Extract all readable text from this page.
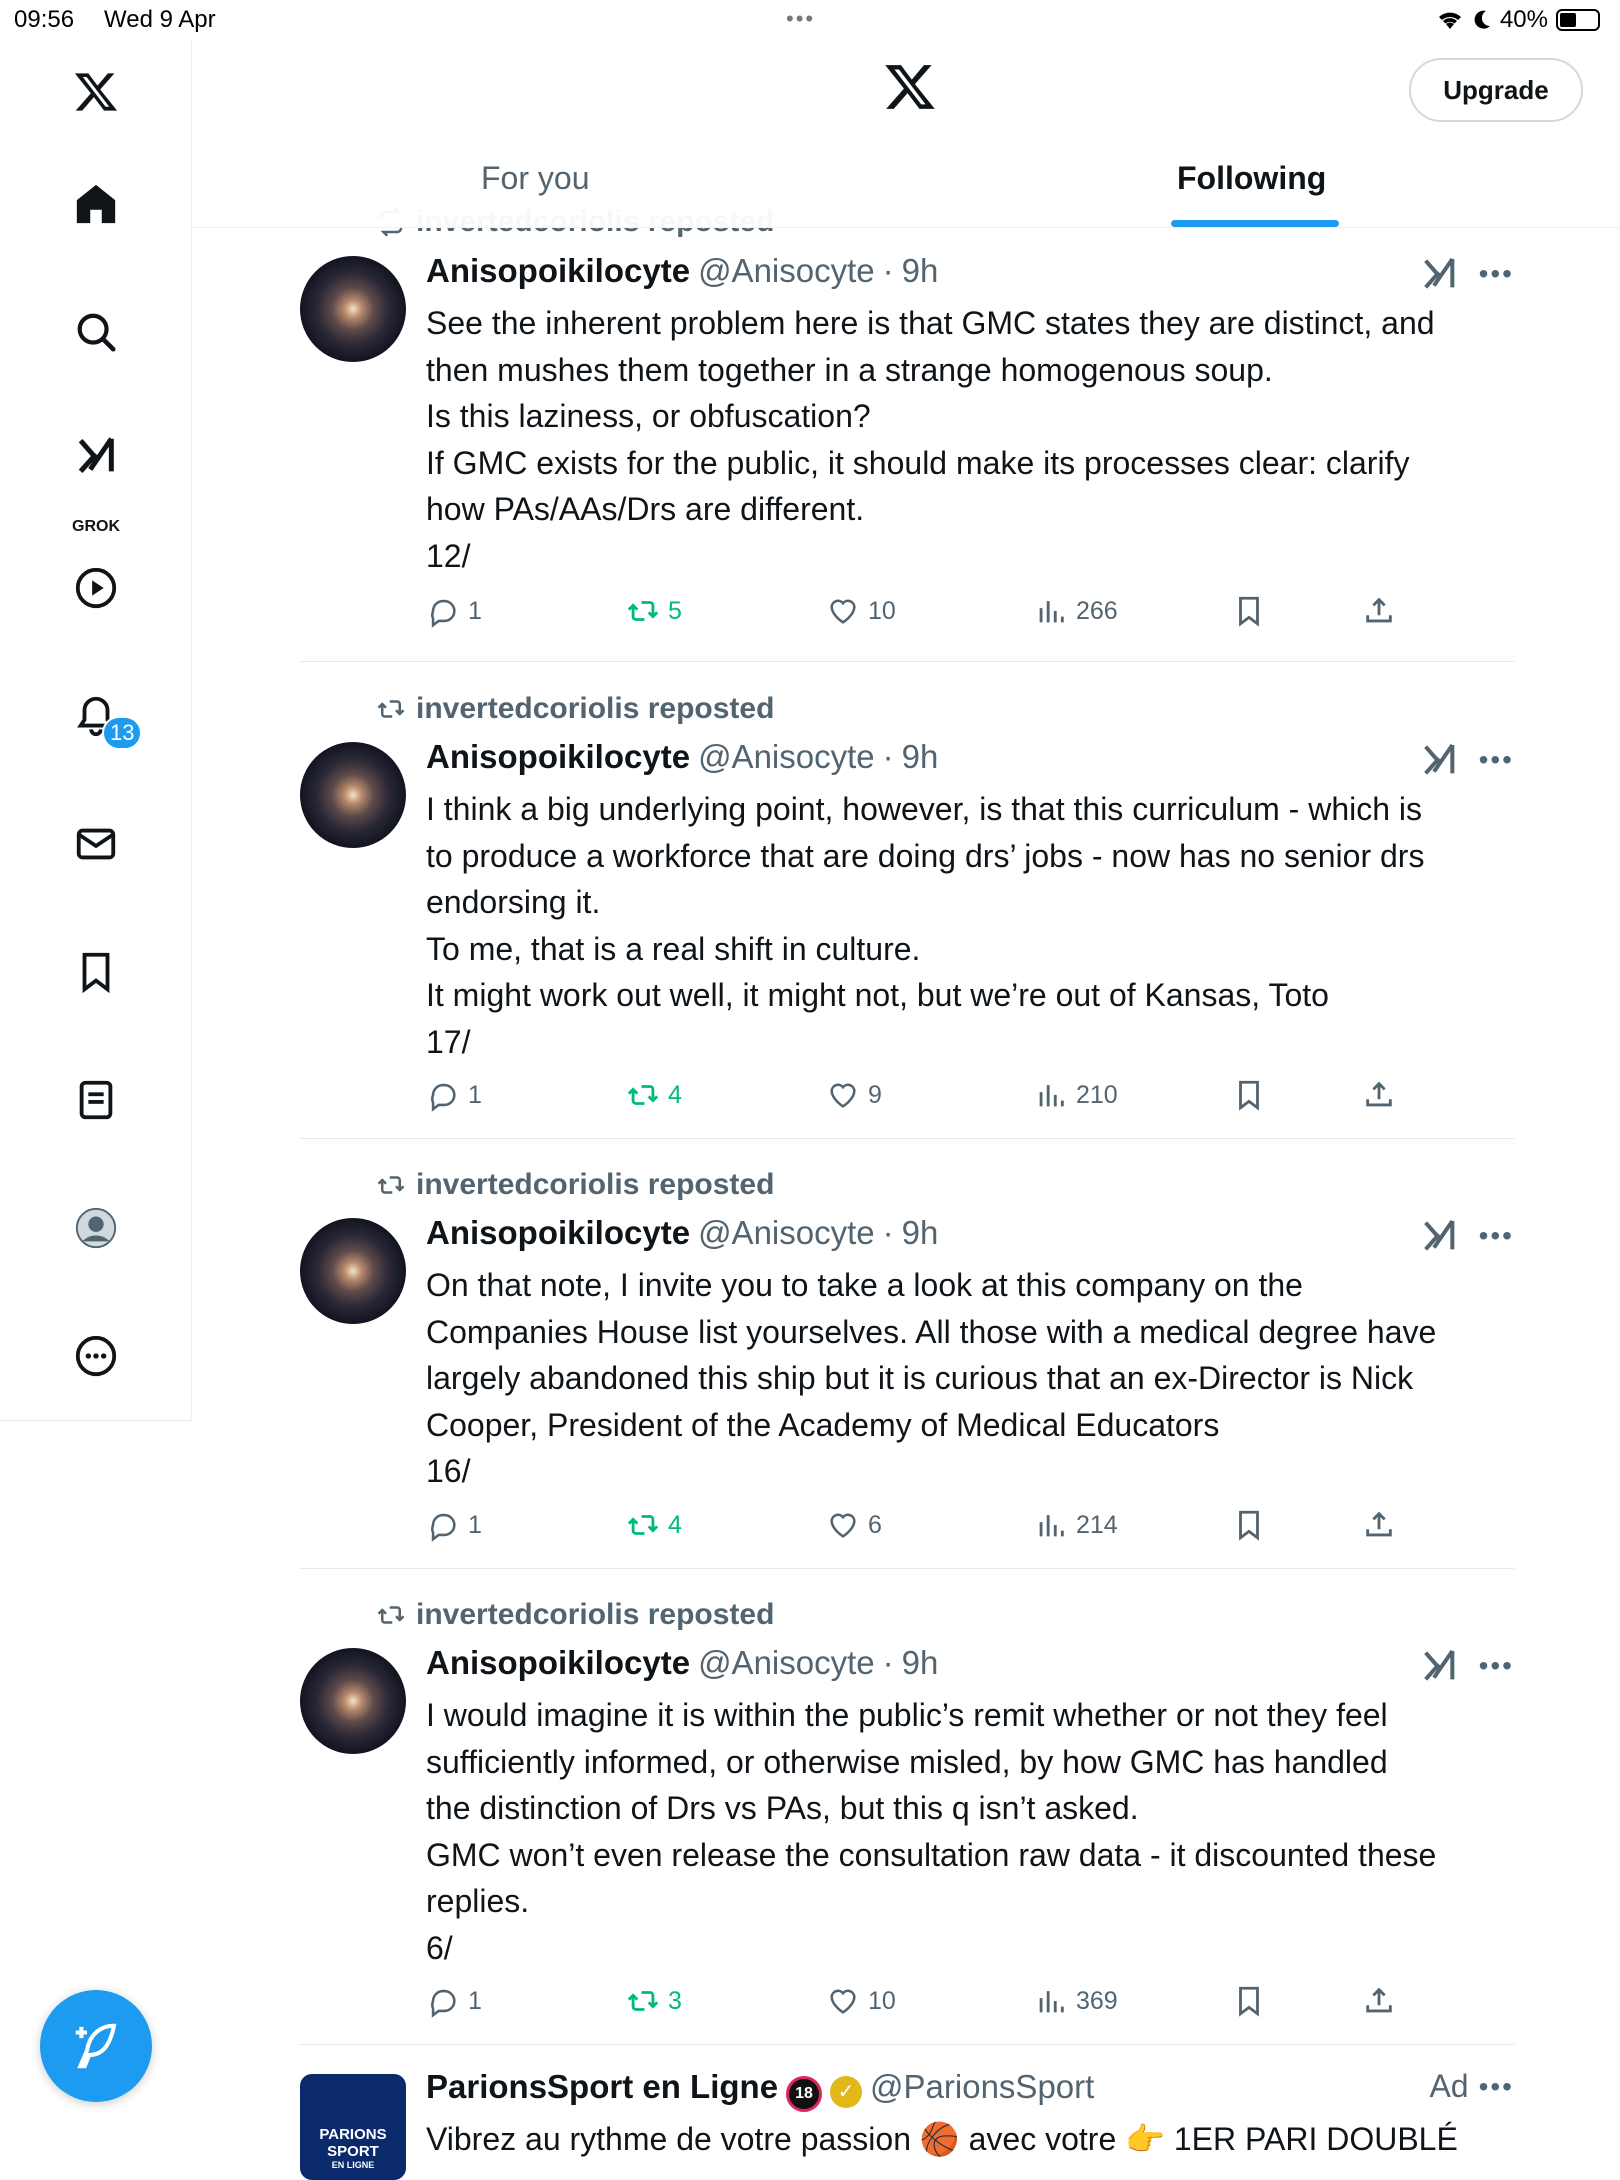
09:56 Wed 9 Apr	•••	40%
GROK
13
Upgrade
For you	Following
Anisopoikilocyte @Anisocyte · 9h	•••

See the inherent problem here is that GMC states they are distinct, and

then mushes them together in a strange homogenous soup.

Is this laziness, or obfuscation?

If GMC exists for the public, it should make its processes clear: clarify

how PAs/AAs/Drs are different.

12/

1	5	10	266
invertedcoriolis reposted
Anisopoikilocyte @Anisocyte · 9h	•••

I think a big underlying point, however, is that this curriculum - which is

to produce a workforce that are doing drs’ jobs - now has no senior drs

endorsing it.

To me, that is a real shift in culture.

It might work out well, it might not, but we’re out of Kansas, Toto

17/

1	4	9	210
invertedcoriolis reposted
Anisopoikilocyte @Anisocyte · 9h	•••

On that note, I invite you to take a look at this company on the

Companies House list yourselves. All those with a medical degree have

largely abandoned this ship but it is curious that an ex-Director is Nick

Cooper, President of the Academy of Medical Educators

16/

1	4	6	214
invertedcoriolis reposted
Anisopoikilocyte @Anisocyte · 9h	•••

I would imagine it is within the public’s remit whether or not they feel

sufficiently informed, or otherwise misled, by how GMC has handled

the distinction of Drs vs PAs, but this q isn’t asked.

GMC won’t even release the consultation raw data - it discounted these

replies.

6/

1	3	10	369
PARIONS
SPORT
EN LIGNE
ParionsSport en Ligne	18	✓ @ParionsSport	Ad •••

Vibrez au rythme de votre passion 🏀 avec votre 👉 1ER PARI DOUBLÉ
